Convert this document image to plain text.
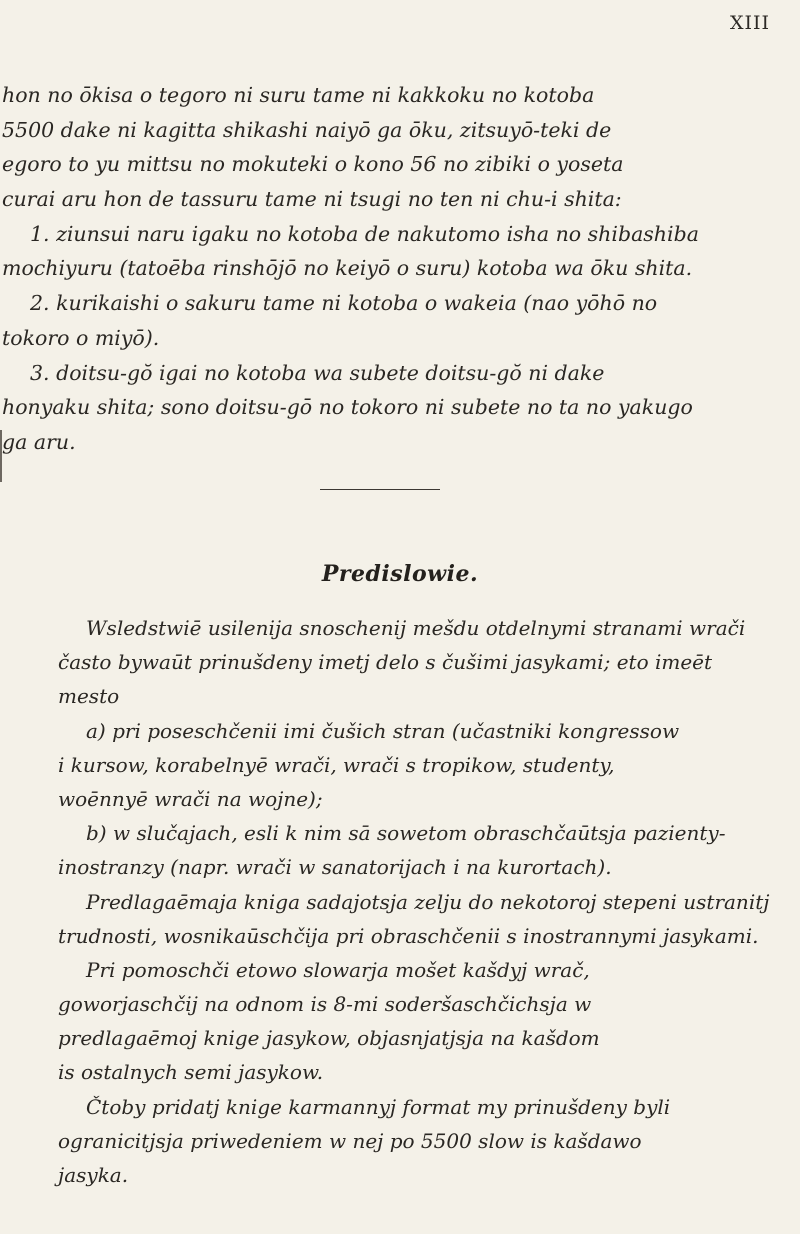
XIII
hon no ōkisa o tegoro ni suru tame ni kakkoku no kotoba
5500 dake ni kagitta shikashi naiyō ga ōku, zitsuyō-teki de
egoro to yu mittsu no mokuteki o kono 56 no zibiki o yoseta
curai aru hon de tassuru tame ni tsugi no ten ni chu-i shita:
1. ziunsui naru igaku no kotoba de nakutomo isha no shibashiba
mochiyuru (tatoēba rinshōjō no keiyō o suru) kotoba wa ōku shita.
2. kurikaishi o sakuru tame ni kotoba o wakeia (nao yōhō no
tokoro o miyō).
3. doitsu-gŏ igai no kotoba wa subete doitsu-gŏ ni dake
honyaku shita; sono doitsu-gō no tokoro ni subete no ta no yakugo
ga aru.
Predislowie.
Wsledstwiē usilenija snoschenij mešdu otdelnymi stranami wrači
často bywaūt prinušdeny imetj delo s čušimi jasykami; eto imeēt
mesto
a) pri poseschčenii imi čušich stran (učastniki kongressow
i kursow, korabelnyē wrači, wrači s tropikow, studenty,
woēnnyē wrači na wojne);
b) w slučajach, esli k nim sā sowetom obraschčaūtsja pazienty-
inostranzy (napr. wrači w sanatorijach i na kurortach).
Predlagaēmaja kniga sadajotsja zelju do nekotoroj stepeni ustranitj
trudnosti, wosnikaūschčija pri obraschčenii s inostrannymi jasykami.
Pri pomoschči etowo slowarja mošet kašdyj wrač,
goworjaschčij na odnom is 8-mi soderšaschčichsja w
predlagaēmoj knige jasykow, objasnjatjsja na kašdom
is ostalnych semi jasykow.
Čtoby pridatj knige karmannyj format my prinušdeny byli
ogranicitjsja priwedeniem w nej po 5500 slow is kašdawo
jasyka.
